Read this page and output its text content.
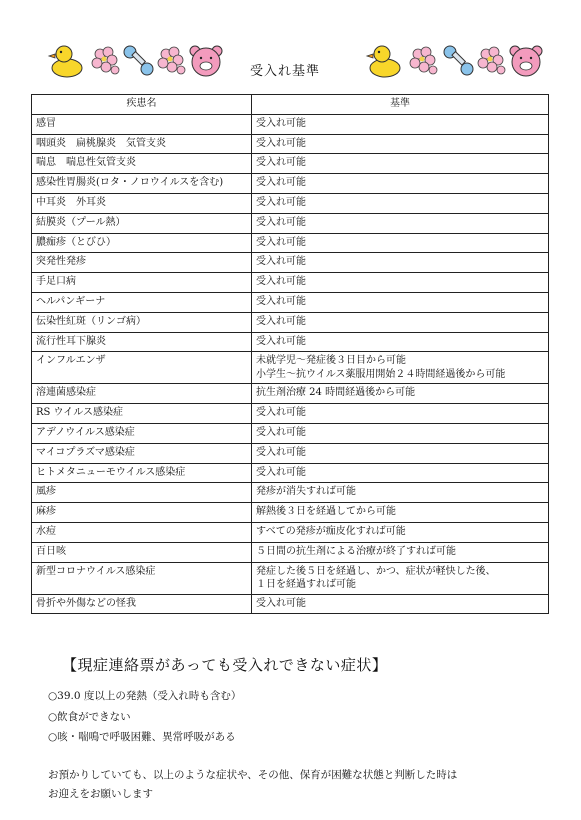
受入れ基準
疾患名	基準
感冒	受入れ可能

咽頭炎　扁桃腺炎　気管支炎	受入れ可能

喘息　喘息性気管支炎	受入れ可能

感染性胃腸炎(ロタ・ノロウイルスを含む)	受入れ可能

中耳炎　外耳炎	受入れ可能

結膜炎（プール熱）	受入れ可能

膿痂疹（とびひ）	受入れ可能

突発性発疹	受入れ可能

手足口病	受入れ可能

ヘルパンギーナ	受入れ可能

伝染性紅斑（リンゴ病）	受入れ可能

流行性耳下腺炎	受入れ可能

インフルエンザ	未就学児～発症後３日目から可能
小学生～抗ウイルス薬服用開始２４時間経過後から可能

溶連菌感染症	抗生剤治療 24 時間経過後から可能

RS ウイルス感染症	受入れ可能

アデノウイルス感染症	受入れ可能

マイコプラズマ感染症	受入れ可能

ヒトメタニューモウイルス感染症	受入れ可能

風疹	発疹が消失すれば可能

麻疹	解熱後３日を経過してから可能

水痘	すべての発疹が痂皮化すれば可能

百日咳	５日間の抗生剤による治療が終了すれば可能

新型コロナウイルス感染症	発症した後５日を経過し、かつ、症状が軽快した後、
１日を経過すれば可能

骨折や外傷などの怪我	受入れ可能
【現症連絡票があっても受入れできない症状】
○39.0 度以上の発熱（受入れ時も含む）
○飲食ができない
○咳・喘鳴で呼吸困難、異常呼吸がある
お預かりしていても、以上のような症状や、その他、保育が困難な状態と判断した時は
お迎えをお願いします
